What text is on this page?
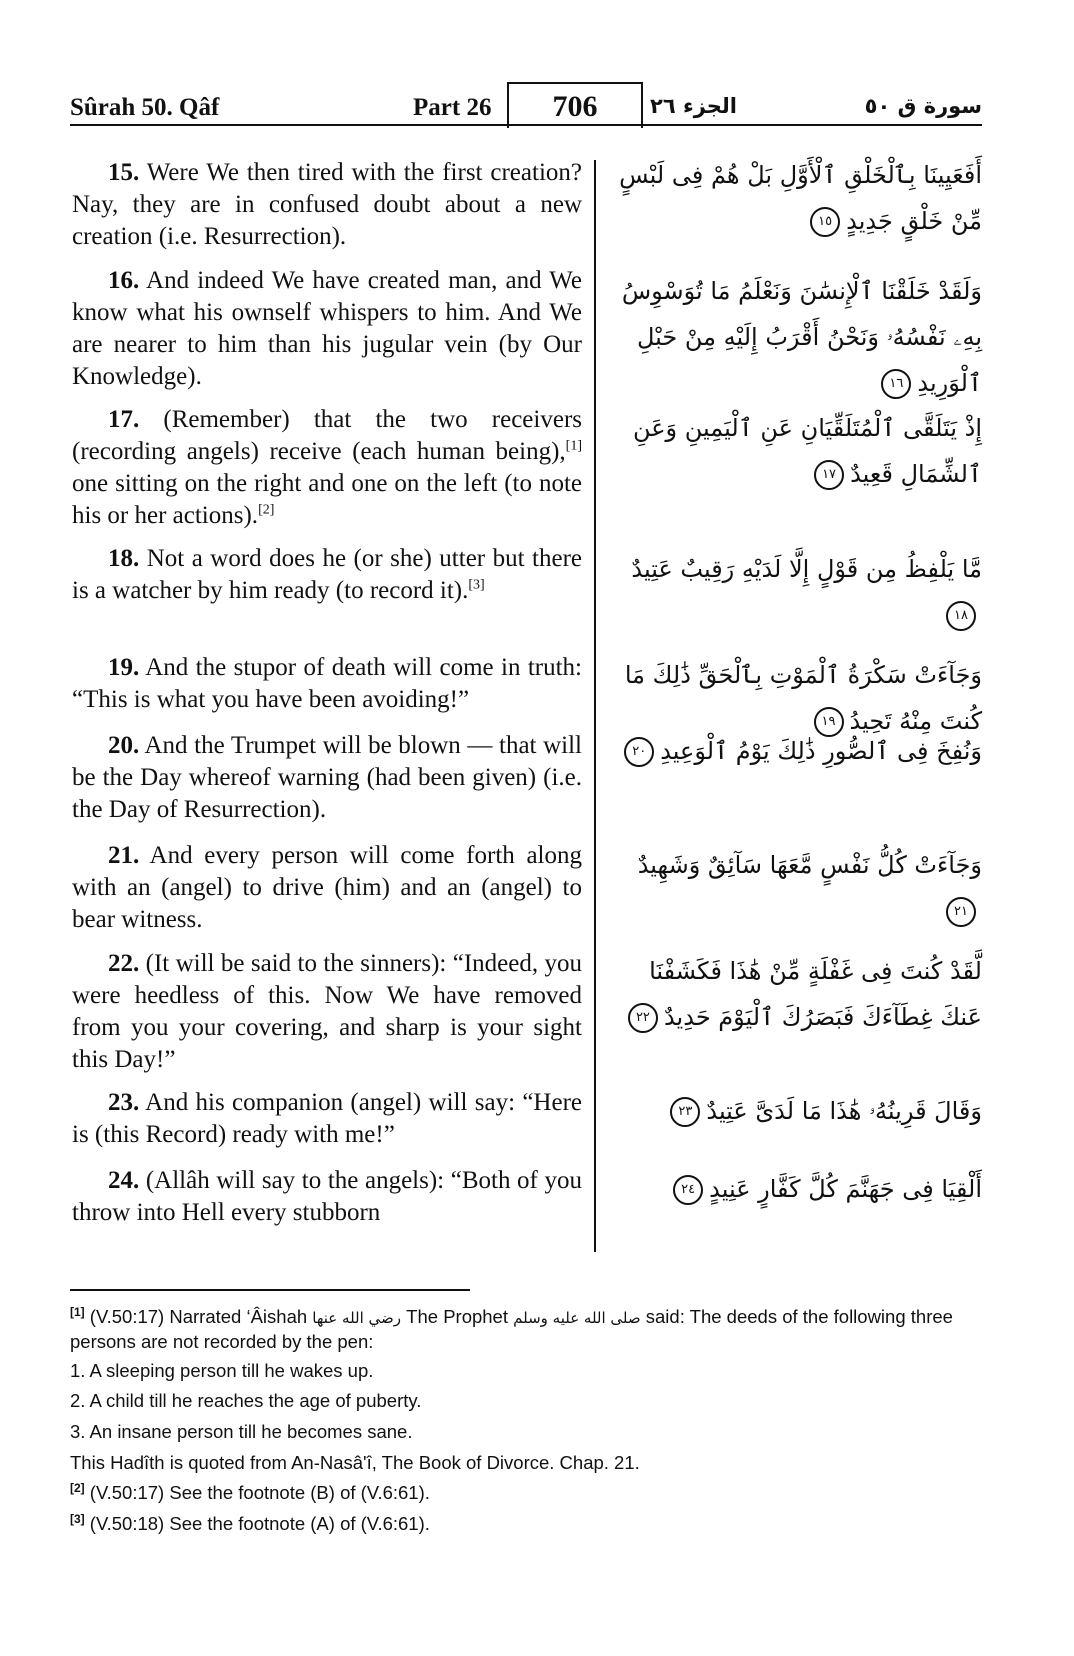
Sûrah 50. Qâf	Part 26	706	الجزء ٢٦	سورة ق ٥٠

15. Were We then tired with the first creation? Nay, they are in confused doubt about a new creation (i.e. Resurrection).

أَفَعَيِينَا بِٱلْخَلْقِ ٱلْأَوَّلِ بَلْ هُمْ فِى لَبْسٍ مِّنْ خَلْقٍ جَدِيدٍ١٥

16. And indeed We have created man, and We know what his ownself whispers to him. And We are nearer to him than his jugular vein (by Our Knowledge).

وَلَقَدْ خَلَقْنَا ٱلْإِنسَٰنَ وَنَعْلَمُ مَا تُوَسْوِسُ بِهِۦ نَفْسُهُۥ وَنَحْنُ أَقْرَبُ إِلَيْهِ مِنْ حَبْلِ ٱلْوَرِيدِ١٦

17. (Remember) that the two receivers (recording angels) receive (each human being),[1] one sitting on the right and one on the left (to note his or her actions).[2]

إِذْ يَتَلَقَّى ٱلْمُتَلَقِّيَانِ عَنِ ٱلْيَمِينِ وَعَنِ ٱلشِّمَالِ قَعِيدٌ١٧

18. Not a word does he (or she) utter but there is a watcher by him ready (to record it).[3]

مَّا يَلْفِظُ مِن قَوْلٍ إِلَّا لَدَيْهِ رَقِيبٌ عَتِيدٌ١٨

19. And the stupor of death will come in truth: “This is what you have been avoiding!”

وَجَآءَتْ سَكْرَةُ ٱلْمَوْتِ بِٱلْحَقِّ ذَٰلِكَ مَا كُنتَ مِنْهُ تَحِيدُ١٩

20. And the Trumpet will be blown — that will be the Day whereof warning (had been given) (i.e. the Day of Resurrection).

وَنُفِخَ فِى ٱلصُّورِ ذَٰلِكَ يَوْمُ ٱلْوَعِيدِ٢٠

21. And every person will come forth along with an (angel) to drive (him) and an (angel) to bear witness.

وَجَآءَتْ كُلُّ نَفْسٍ مَّعَهَا سَآئِقٌ وَشَهِيدٌ٢١

22. (It will be said to the sinners): “Indeed, you were heedless of this. Now We have removed from you your covering, and sharp is your sight this Day!”

لَّقَدْ كُنتَ فِى غَفْلَةٍ مِّنْ هَٰذَا فَكَشَفْنَا عَنكَ غِطَآءَكَ فَبَصَرُكَ ٱلْيَوْمَ حَدِيدٌ٢٢

23. And his companion (angel) will say: “Here is (this Record) ready with me!”

وَقَالَ قَرِينُهُۥ هَٰذَا مَا لَدَىَّ عَتِيدٌ٢٣

24. (Allâh will say to the angels): “Both of you throw into Hell every stubborn

أَلْقِيَا فِى جَهَنَّمَ كُلَّ كَفَّارٍ عَنِيدٍ٢٤
[1] (V.50:17) Narrated ‘Âishah رضي الله عنها The Prophet صلى الله عليه وسلم said: The deeds of the following three persons are not recorded by the pen:
1. A sleeping person till he wakes up.
2. A child till he reaches the age of puberty.
3. An insane person till he becomes sane.
This Hadîth is quoted from An-Nasâ'î, The Book of Divorce. Chap. 21.
[2] (V.50:17) See the footnote (B) of (V.6:61).
[3] (V.50:18) See the footnote (A) of (V.6:61).
